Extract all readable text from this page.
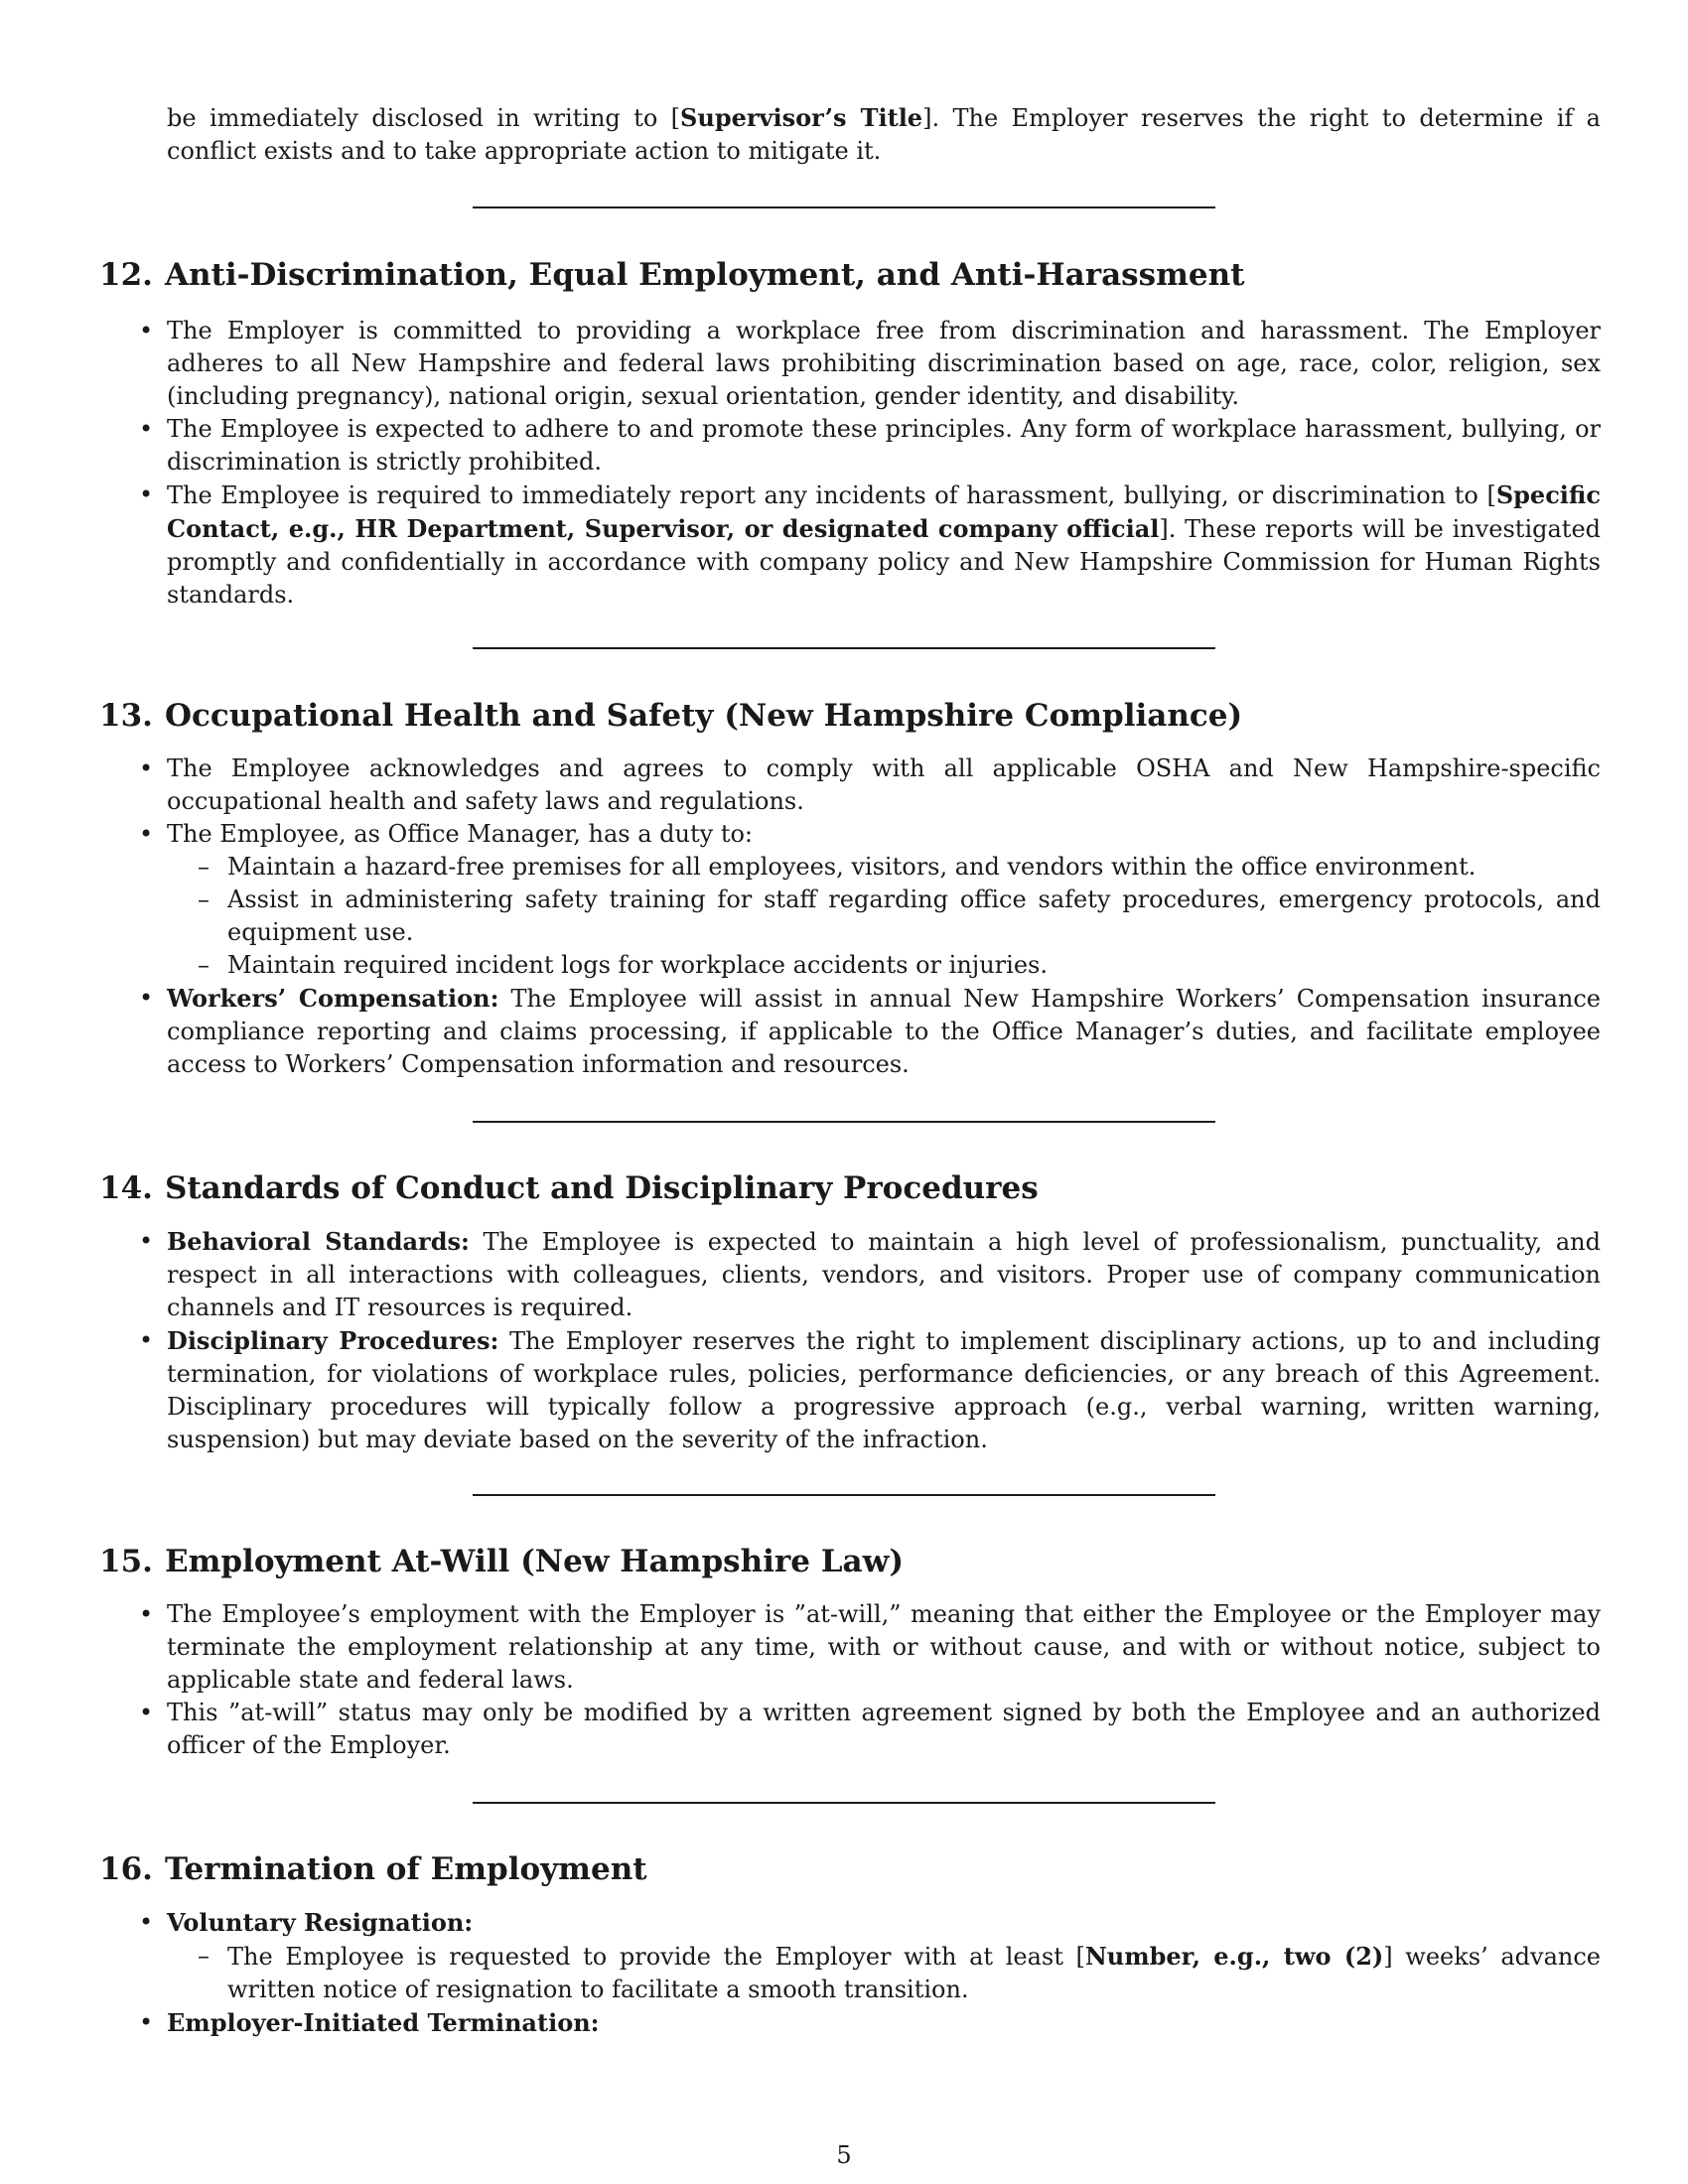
be immediately disclosed in writing to [Supervisor’s Title]. The Employer reserves the right to determine if a conflict exists and to take appropriate action to mitigate it.
12. Anti-Discrimination, Equal Employment, and Anti-Harassment
• The Employer is committed to providing a workplace free from discrimination and harassment. The Employer adheres to all New Hampshire and federal laws prohibiting discrimination based on age, race, color, religion, sex (including pregnancy), national origin, sexual orientation, gender identity, and disability.
• The Employee is expected to adhere to and promote these principles. Any form of workplace harassment, bullying, or discrimination is strictly prohibited.
• The Employee is required to immediately report any incidents of harassment, bullying, or discrimination to [Specific Contact, e.g., HR Department, Supervisor, or designated company official]. These reports will be investigated promptly and confidentially in accordance with company policy and New Hampshire Commission for Human Rights standards.
13. Occupational Health and Safety (New Hampshire Compliance)
• The Employee acknowledges and agrees to comply with all applicable OSHA and New Hampshire-specific occupational health and safety laws and regulations.
• The Employee, as Office Manager, has a duty to:
– Maintain a hazard-free premises for all employees, visitors, and vendors within the office environment.
– Assist in administering safety training for staff regarding office safety procedures, emergency protocols, and equipment use.
– Maintain required incident logs for workplace accidents or injuries.
• Workers’ Compensation: The Employee will assist in annual New Hampshire Workers’ Compensation insurance compliance reporting and claims processing, if applicable to the Office Manager’s duties, and facilitate employee access to Workers’ Compensation information and resources.
14. Standards of Conduct and Disciplinary Procedures
• Behavioral Standards: The Employee is expected to maintain a high level of professionalism, punctuality, and respect in all interactions with colleagues, clients, vendors, and visitors. Proper use of company communication channels and IT resources is required.
• Disciplinary Procedures: The Employer reserves the right to implement disciplinary actions, up to and including termination, for violations of workplace rules, policies, performance deficiencies, or any breach of this Agreement. Disciplinary procedures will typically follow a progressive approach (e.g., verbal warning, written warning, suspension) but may deviate based on the severity of the infraction.
15. Employment At-Will (New Hampshire Law)
• The Employee’s employment with the Employer is ”at-will,” meaning that either the Employee or the Employer may terminate the employment relationship at any time, with or without cause, and with or without notice, subject to applicable state and federal laws.
• This ”at-will” status may only be modified by a written agreement signed by both the Employee and an authorized officer of the Employer.
16. Termination of Employment
• Voluntary Resignation:
– The Employee is requested to provide the Employer with at least [Number, e.g., two (2)] weeks’ advance written notice of resignation to facilitate a smooth transition.
• Employer-Initiated Termination:
5
